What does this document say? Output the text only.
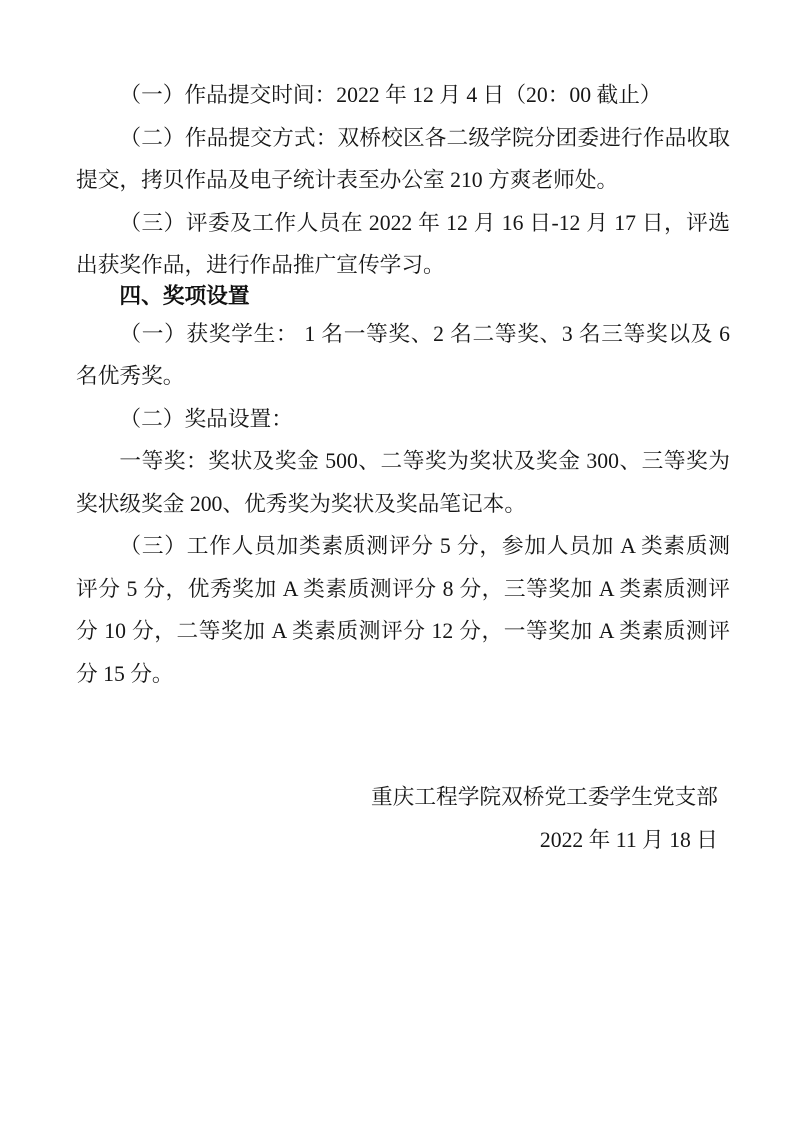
（一）作品提交时间：2022 年 12 月 4 日（20：00 截止）

（二）作品提交方式：双桥校区各二级学院分团委进行作品收取提交，拷贝作品及电子统计表至办公室 210 方爽老师处。

（三）评委及工作人员在 2022 年 12 月 16 日-12 月 17 日，评选出获奖作品，进行作品推广宣传学习。

四、奖项设置

（一）获奖学生： 1 名一等奖、2 名二等奖、3 名三等奖以及 6 名优秀奖。

（二）奖品设置：

一等奖：奖状及奖金 500、二等奖为奖状及奖金 300、三等奖为奖状级奖金 200、优秀奖为奖状及奖品笔记本。

（三）工作人员加类素质测评分 5 分，参加人员加 A 类素质测评分 5 分，优秀奖加 A 类素质测评分 8 分，三等奖加 A 类素质测评分 10 分，二等奖加 A 类素质测评分 12 分，一等奖加 A 类素质测评分 15 分。

重庆工程学院双桥党工委学生党支部
2022 年 11 月 18 日
